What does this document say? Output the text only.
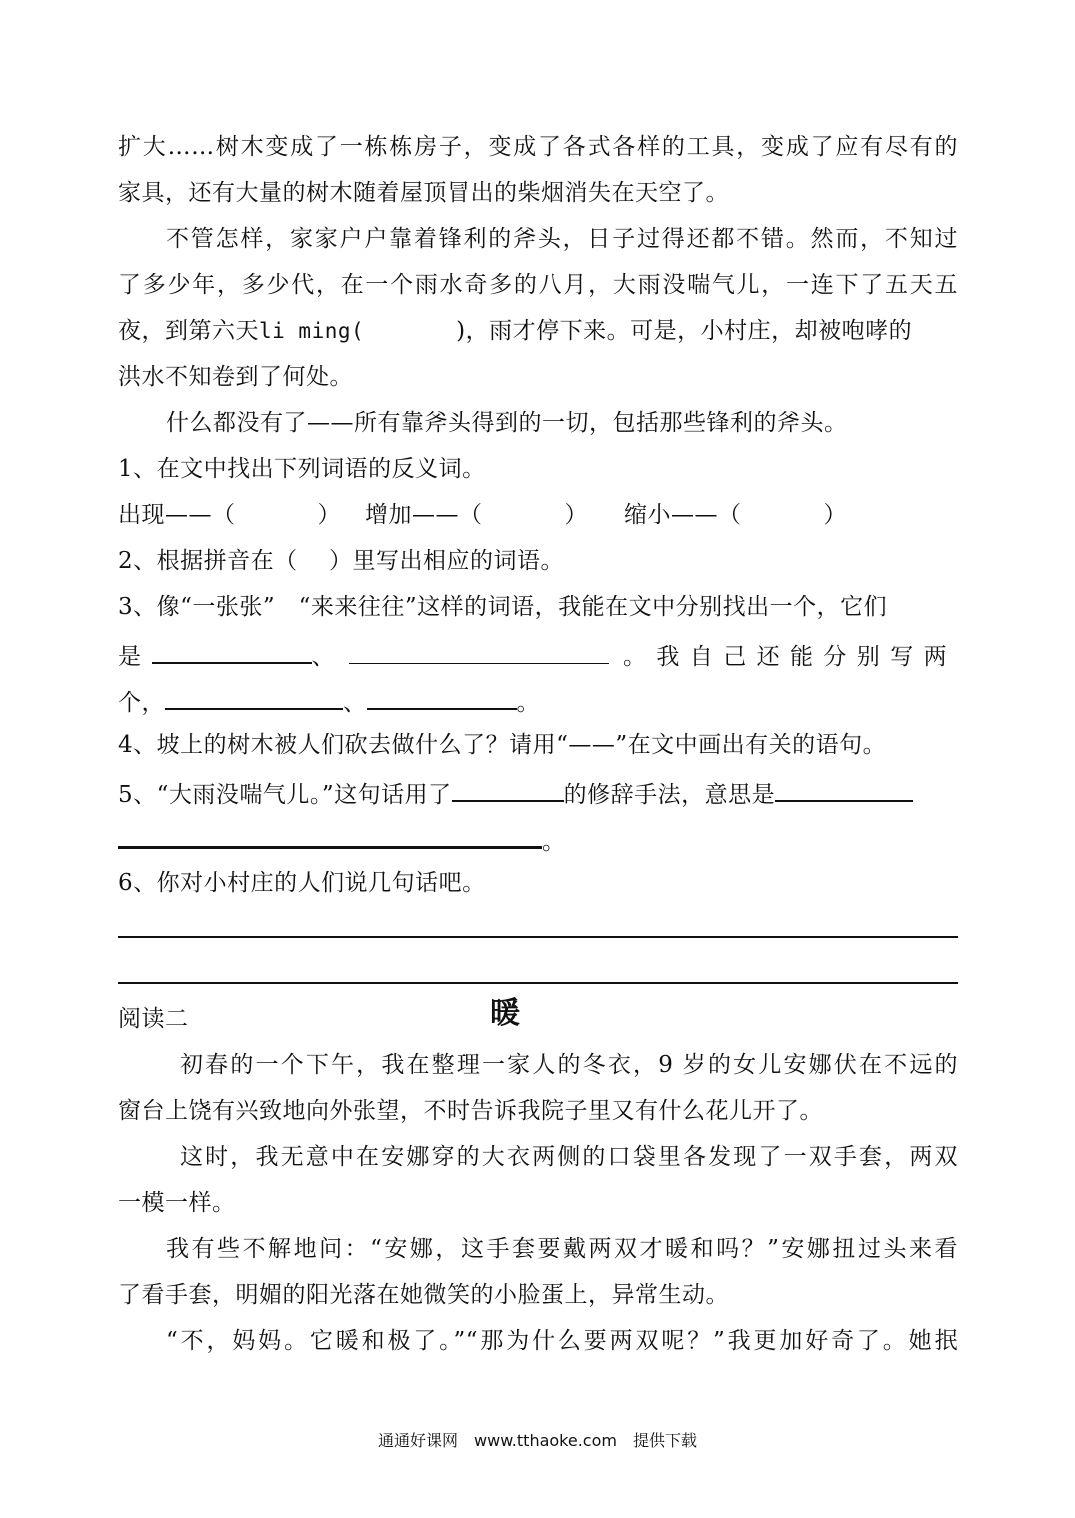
扩大……树木变成了一栋栋房子，变成了各式各样的工具，变成了应有尽有的
家具，还有大量的树木随着屋顶冒出的柴烟消失在天空了。
不管怎样，家家户户靠着锋利的斧头，日子过得还都不错。然而，不知过
了多少年，多少代，在一个雨水奇多的八月，大雨没喘气儿，一连下了五天五
夜，到第六天li ming(	)，雨才停下来。可是，小村庄，却被咆哮的
洪水不知卷到了何处。
什么都没有了——所有靠斧头得到的一切，包括那些锋利的斧头。
1、在文中找出下列词语的反义词。
出现——（	） 增加——（	） 缩小——（	）
2、根据拼音在（　 ）里写出相应的词语。
3、像“一张张”　“来来往往”这样的词语，我能在文中分别找出一个，它们
是	、	。我自己还能分别写两
个，	、	。
4、坡上的树木被人们砍去做什么了？请用“——”在文中画出有关的语句。
5、“大雨没喘气儿。”这句话用了	的修辞手法，意思是
。
6、你对小村庄的人们说几句话吧。
阅读二	暖
初春的一个下午，我在整理一家人的冬衣，9 岁的女儿安娜伏在不远的
窗台上饶有兴致地向外张望，不时告诉我院子里又有什么花儿开了。
这时，我无意中在安娜穿的大衣两侧的口袋里各发现了一双手套，两双
一模一样。
我有些不解地问：“安娜，这手套要戴两双才暖和吗？”安娜扭过头来看
了看手套，明媚的阳光落在她微笑的小脸蛋上，异常生动。
“不，妈妈。它暖和极了。”“那为什么要两双呢？”我更加好奇了。她抿
通通好课网　www.tthaoke.com　提供下载
